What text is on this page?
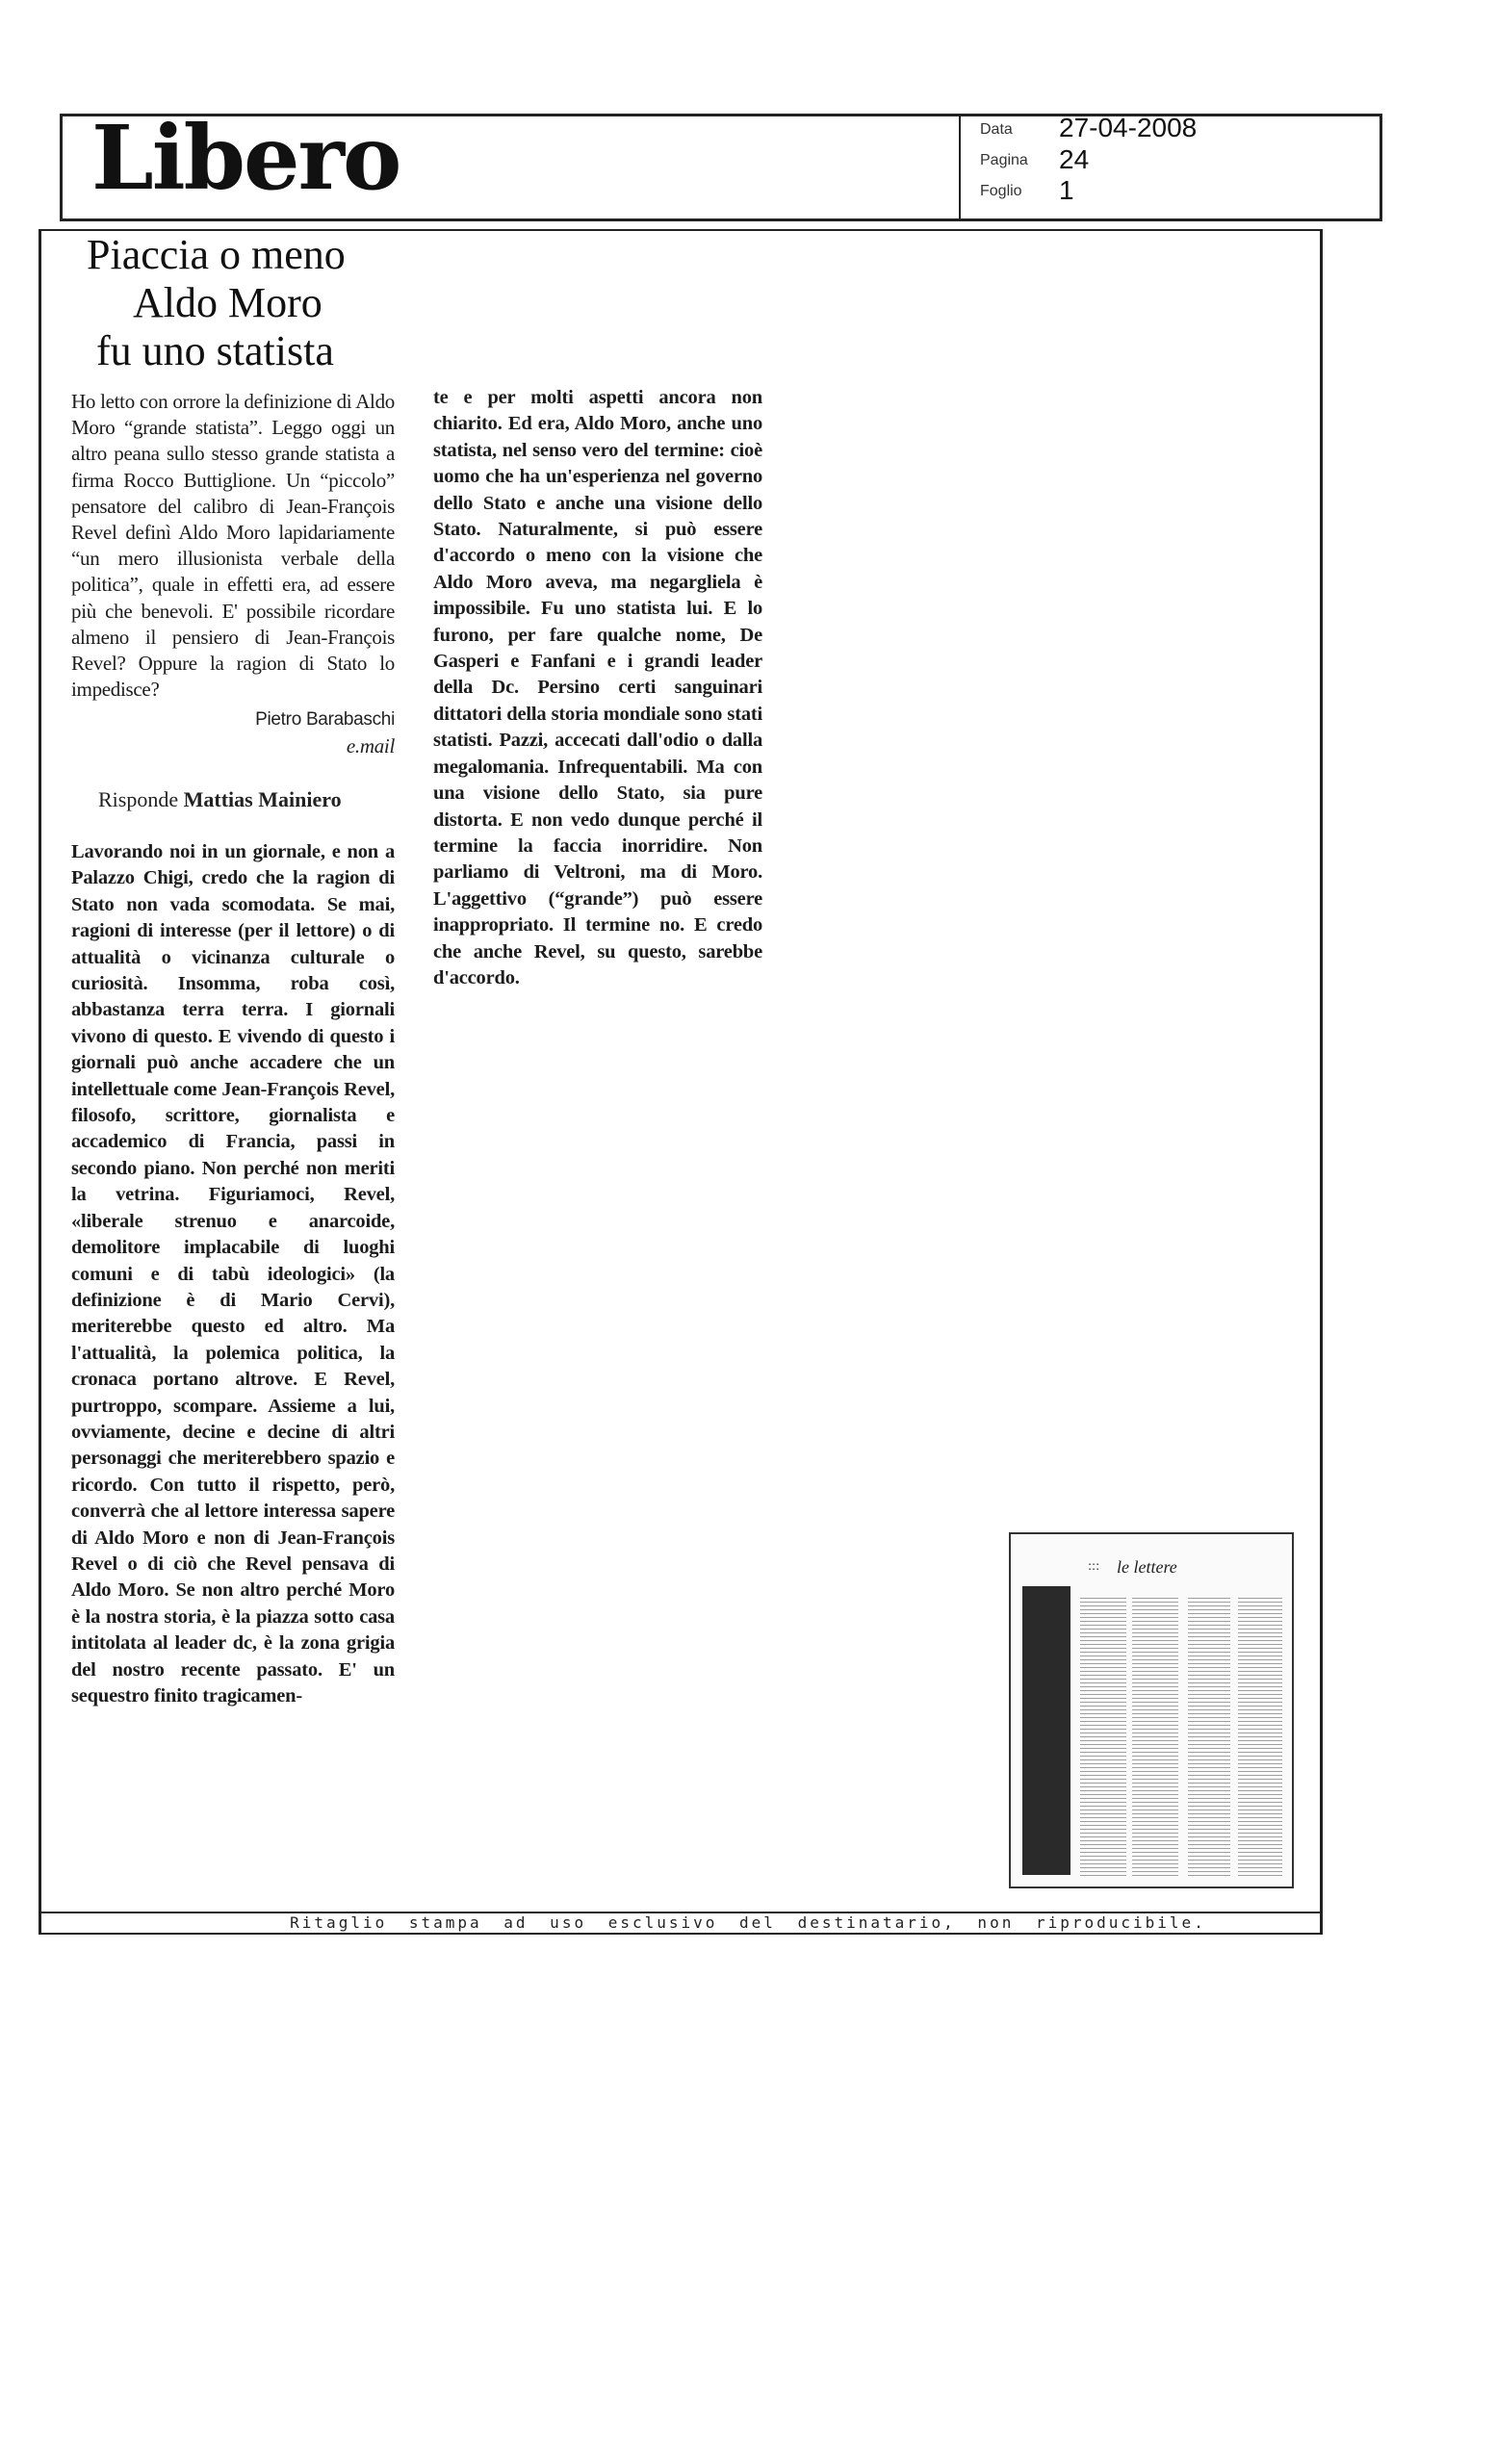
Libero	Data 27-04-2008
Pagina 24
Foglio 1
Piaccia o meno
Aldo Moro
fu uno statista
Ho letto con orrore la definizione di Aldo Moro “grande statista”. Leggo oggi un altro peana sullo stesso grande statista a firma Rocco Buttiglione. Un “piccolo” pensatore del calibro di Jean-François Revel definì Aldo Moro lapidariamente “un mero illusionista verbale della politica”, quale in effetti era, ad essere più che benevoli. E' possibile ricordare almeno il pensiero di Jean-François Revel? Oppure la ragion di Stato lo impedisce?
Pietro Barabaschi
e.mail
Risponde Mattias Mainiero

Lavorando noi in un giornale, e non a Palazzo Chigi, credo che la ragion di Stato non vada scomodata. Se mai, ragioni di interesse (per il lettore) o di attualità o vicinanza culturale o curiosità. Insomma, roba così, abbastanza terra terra. I giornali vivono di questo. E vivendo di questo i giornali può anche accadere che un intellettuale come Jean-François Revel, filosofo, scrittore, giornalista e accademico di Francia, passi in secondo piano. Non perché non meriti la vetrina. Figuriamoci, Revel, «liberale strenuo e anarcoide, demolitore implacabile di luoghi comuni e di tabù ideologici» (la definizione è di Mario Cervi), meriterebbe questo ed altro. Ma l'attualità, la polemica politica, la cronaca portano altrove. E Revel, purtroppo, scompare. Assieme a lui, ovviamente, decine e decine di altri personaggi che meriterebbero spazio e ricordo. Con tutto il rispetto, però, converrà che al lettore interessa sapere di Aldo Moro e non di Jean-François Revel o di ciò che Revel pensava di Aldo Moro. Se non altro perché Moro è la nostra storia, è la piazza sotto casa intitolata al leader dc, è la zona grigia del nostro recente passato. E' un sequestro finito tragicamen-

te e per molti aspetti ancora non chiarito. Ed era, Aldo Moro, anche uno statista, nel senso vero del termine: cioè uomo che ha un'esperienza nel governo dello Stato e anche una visione dello Stato. Naturalmente, si può essere d'accordo o meno con la visione che Aldo Moro aveva, ma negargliela è impossibile. Fu uno statista lui. E lo furono, per fare qualche nome, De Gasperi e Fanfani e i grandi leader della Dc. Persino certi sanguinari dittatori della storia mondiale sono stati statisti. Pazzi, accecati dall'odio o dalla megalomania. Infrequentabili. Ma con una visione dello Stato, sia pure distorta. E non vedo dunque perché il termine la faccia inorridire. Non parliamo di Veltroni, ma di Moro. L'aggettivo (“grande”) può essere inappropriato. Il termine no. E credo che anche Revel, su questo, sarebbe d'accordo.

::: le lettere
Ritaglio stampa ad uso esclusivo del destinatario, non riproducibile.
